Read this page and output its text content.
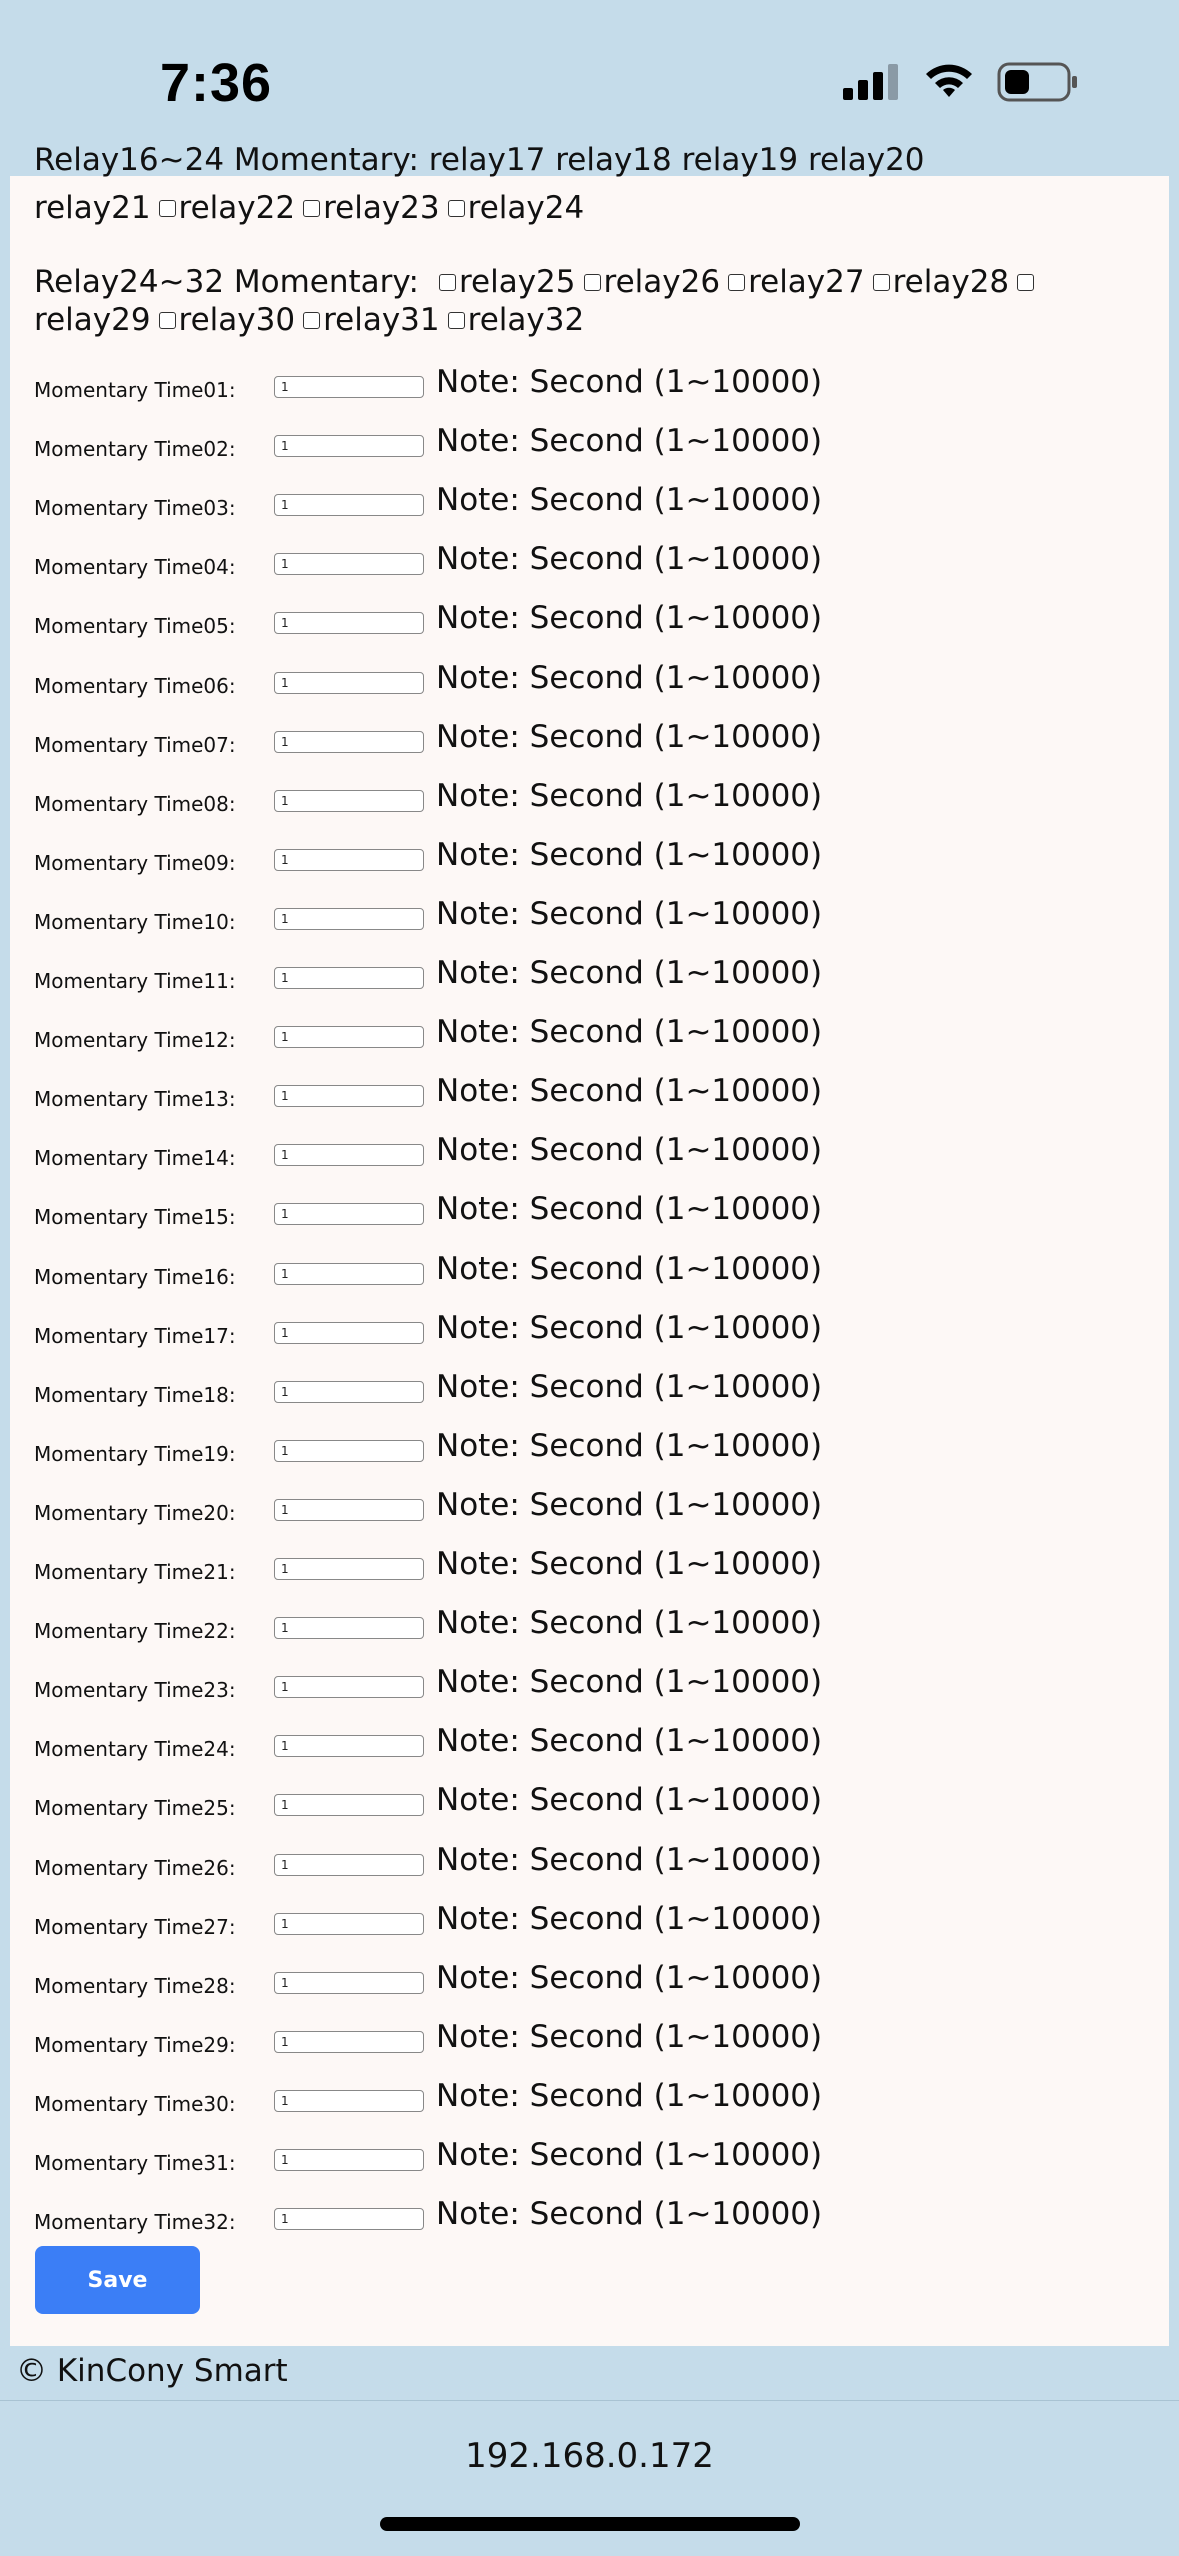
7:36
Relay16~24 Momentary: relay17 relay18 relay19 relay20
relay21 relay22 relay23 relay24
Relay24~32 Momentary: relay25 relay26 relay27 relay28
relay29 relay30 relay31 relay32
Momentary Time01:
1	Note: Second (1~10000)
Momentary Time02:
1	Note: Second (1~10000)
Momentary Time03:
1	Note: Second (1~10000)
Momentary Time04:
1	Note: Second (1~10000)
Momentary Time05:
1	Note: Second (1~10000)
Momentary Time06:
1	Note: Second (1~10000)
Momentary Time07:
1	Note: Second (1~10000)
Momentary Time08:
1	Note: Second (1~10000)
Momentary Time09:
1	Note: Second (1~10000)
Momentary Time10:
1	Note: Second (1~10000)
Momentary Time11:
1	Note: Second (1~10000)
Momentary Time12:
1	Note: Second (1~10000)
Momentary Time13:
1	Note: Second (1~10000)
Momentary Time14:
1	Note: Second (1~10000)
Momentary Time15:
1	Note: Second (1~10000)
Momentary Time16:
1	Note: Second (1~10000)
Momentary Time17:
1	Note: Second (1~10000)
Momentary Time18:
1	Note: Second (1~10000)
Momentary Time19:
1	Note: Second (1~10000)
Momentary Time20:
1	Note: Second (1~10000)
Momentary Time21:
1	Note: Second (1~10000)
Momentary Time22:
1	Note: Second (1~10000)
Momentary Time23:
1	Note: Second (1~10000)
Momentary Time24:
1	Note: Second (1~10000)
Momentary Time25:
1	Note: Second (1~10000)
Momentary Time26:
1	Note: Second (1~10000)
Momentary Time27:
1	Note: Second (1~10000)
Momentary Time28:
1	Note: Second (1~10000)
Momentary Time29:
1	Note: Second (1~10000)
Momentary Time30:
1	Note: Second (1~10000)
Momentary Time31:
1	Note: Second (1~10000)
Momentary Time32:
1	Note: Second (1~10000)
Save
© KinCony Smart
192.168.0.172
